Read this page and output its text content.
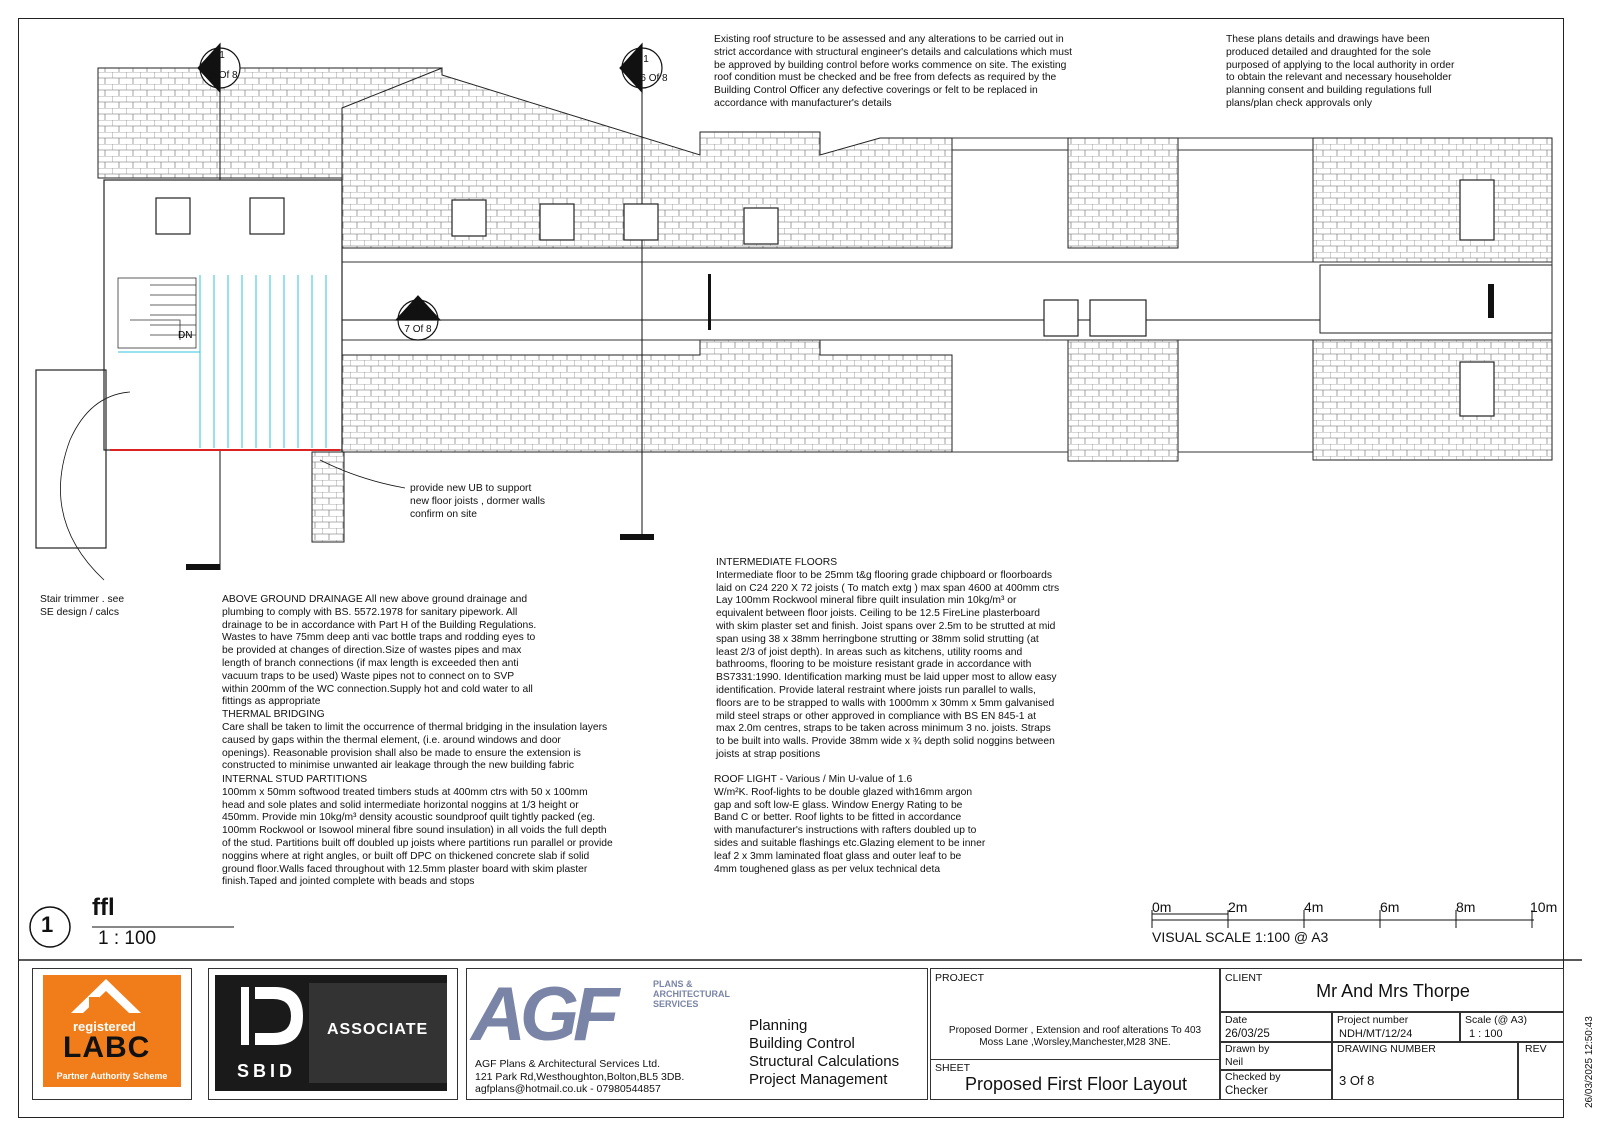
DN
1
5 Of 8
1
6 Of 8
1
7 Of 8
Existing roof structure to be assessed and any alterations to be carried out in
strict accordance with structural engineer's details and calculations which must
be approved by building control before works commence on site. The existing
roof condition must be checked and be free from defects as required by the
Building Control Officer any defective coverings or felt to be replaced in
accordance with manufacturer's details
These plans details and drawings have been
produced detailed and draughted for the sole
purposed of applying to the local authority in order
to obtain the relevant and necessary householder
planning consent and building regulations full
plans/plan check approvals only
provide new UB to support
new floor joists , dormer walls
confirm on site
Stair trimmer . see
SE design / calcs
ABOVE GROUND DRAINAGE All new above ground drainage and
plumbing to comply with BS. 5572.1978 for sanitary pipework. All
drainage to be in accordance with Part H of the Building Regulations.
Wastes to have 75mm deep anti vac bottle traps and rodding eyes to
be provided at changes of direction.Size of wastes pipes and max
length of branch connections (if max length is exceeded then anti
vacuum traps to be used) Waste pipes not to connect on to SVP
within 200mm of the WC connection.Supply hot and cold water to all
fittings as appropriate
THERMAL BRIDGING
Care shall be taken to limit the occurrence of thermal bridging in the insulation layers
caused by gaps within the thermal element, (i.e. around windows and door
openings). Reasonable provision shall also be made to ensure the extension is
constructed to minimise unwanted air leakage through the new building fabric
INTERNAL STUD PARTITIONS
100mm x 50mm softwood treated timbers studs at 400mm ctrs with 50 x 100mm
head and sole plates and solid intermediate horizontal noggins at 1/3 height or
450mm. Provide min 10kg/m³ density acoustic soundproof quilt tightly packed (eg.
100mm Rockwool or Isowool mineral fibre sound insulation) in all voids the full depth
of the stud. Partitions built off doubled up joists where partitions run parallel or provide
noggins where at right angles, or built off DPC on thickened concrete slab if solid
ground floor.Walls faced throughout with 12.5mm plaster board with skim plaster
finish.Taped and jointed complete with beads and stops
INTERMEDIATE FLOORS
Intermediate floor to be 25mm t&g flooring grade chipboard or floorboards
laid on C24 220 X 72 joists ( To match extg ) max span 4600 at 400mm ctrs
Lay 100mm Rockwool mineral fibre quilt insulation min 10kg/m³ or
equivalent between floor joists. Ceiling to be 12.5 FireLine plasterboard
with skim plaster set and finish. Joist spans over 2.5m to be strutted at mid
span using 38 x 38mm herringbone strutting or 38mm solid strutting (at
least 2/3 of joist depth). In areas such as kitchens, utility rooms and
bathrooms, flooring to be moisture resistant grade in accordance with
BS7331:1990. Identification marking must be laid upper most to allow easy
identification. Provide lateral restraint where joists run parallel to walls,
floors are to be strapped to walls with 1000mm x 30mm x 5mm galvanised
mild steel straps or other approved in compliance with BS EN 845-1 at
max 2.0m centres, straps to be taken across minimum 3 no. joists. Straps
to be built into walls. Provide 38mm wide x ¾ depth solid noggins between
joists at strap positions
ROOF LIGHT - Various / Min U-value of 1.6
W/m²K. Roof-lights to be double glazed with16mm argon
gap and soft low-E glass. Window Energy Rating to be
Band C or better. Roof lights to be fitted in accordance
with manufacturer's instructions with rafters doubled up to
sides and suitable flashings etc.Glazing element to be inner
leaf 2 x 3mm laminated float glass and outer leaf to be
4mm toughened glass as per velux technical deta
1
ffl
1 : 100
0m	2m	4m	6m	8m	10m
VISUAL SCALE 1:100 @ A3
registered
LABC
Partner Authority Scheme	SBID
ASSOCIATE AGF	PLANS &
ARCHITECTURAL
SERVICES
AGF Plans & Architectural Services Ltd.
121 Park Rd,Westhoughton,Bolton,BL5 3DB.
agfplans@hotmail.co.uk - 07980544857
Planning
Building Control
Structural Calculations
Project Management
PROJECT
Proposed Dormer , Extension and roof alterations To 403
Moss Lane ,Worsley,Manchester,M28 3NE.
SHEET
Proposed First Floor Layout
CLIENT
Mr And Mrs Thorpe
Date
26/03/25
Project number
NDH/MT/12/24
Scale (@ A3)
1 : 100
Drawn by
Neil
DRAWING NUMBER
3 Of 8
REV
Checked by
Checker	26/03/2025 12:50:43
